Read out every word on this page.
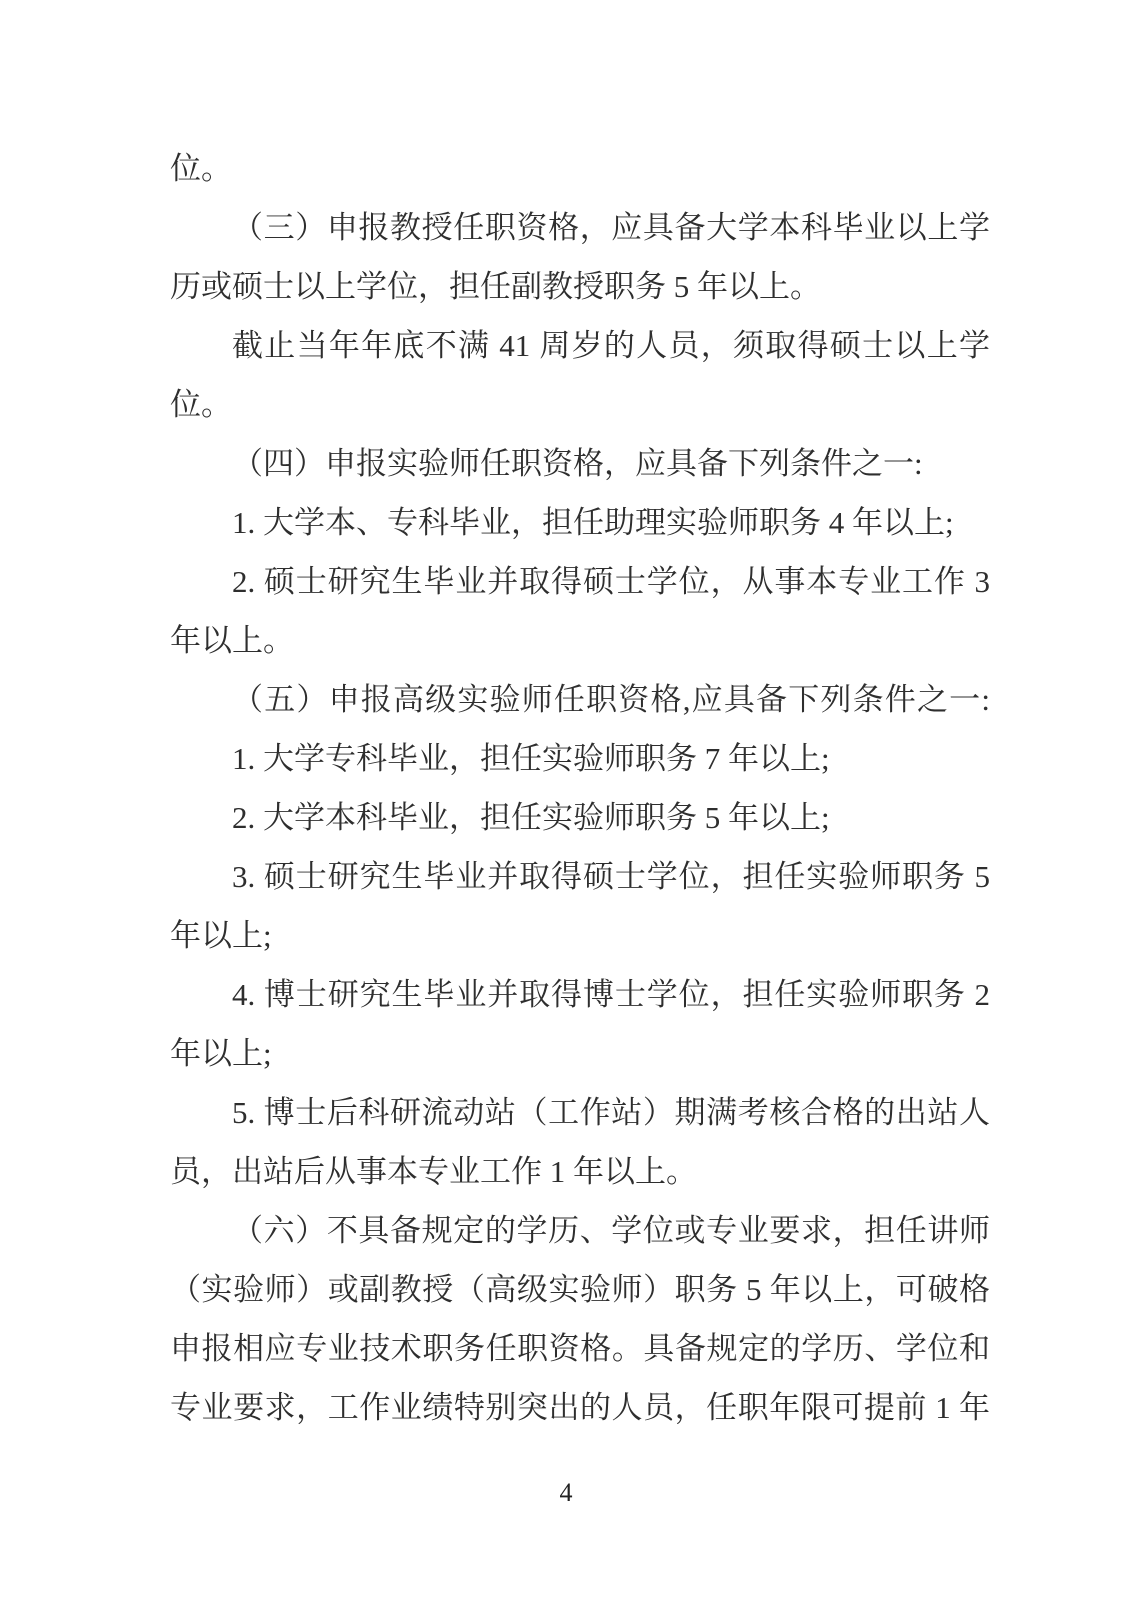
位。
（三）申报教授任职资格，应具备大学本科毕业以上学
历或硕士以上学位，担任副教授职务 5 年以上。
截止当年年底不满 41 周岁的人员，须取得硕士以上学
位。
（四）申报实验师任职资格，应具备下列条件之一:
1. 大学本、专科毕业，担任助理实验师职务 4 年以上;
2. 硕士研究生毕业并取得硕士学位，从事本专业工作 3
年以上。
（五）申报高级实验师任职资格,应具备下列条件之一:
1. 大学专科毕业，担任实验师职务 7 年以上;
2. 大学本科毕业，担任实验师职务 5 年以上;
3. 硕士研究生毕业并取得硕士学位，担任实验师职务 5
年以上;
4. 博士研究生毕业并取得博士学位，担任实验师职务 2
年以上;
5. 博士后科研流动站（工作站）期满考核合格的出站人
员，出站后从事本专业工作 1 年以上。
（六）不具备规定的学历、学位或专业要求，担任讲师
（实验师）或副教授（高级实验师）职务 5 年以上，可破格
申报相应专业技术职务任职资格。具备规定的学历、学位和
专业要求，工作业绩特别突出的人员，任职年限可提前 1 年
4
